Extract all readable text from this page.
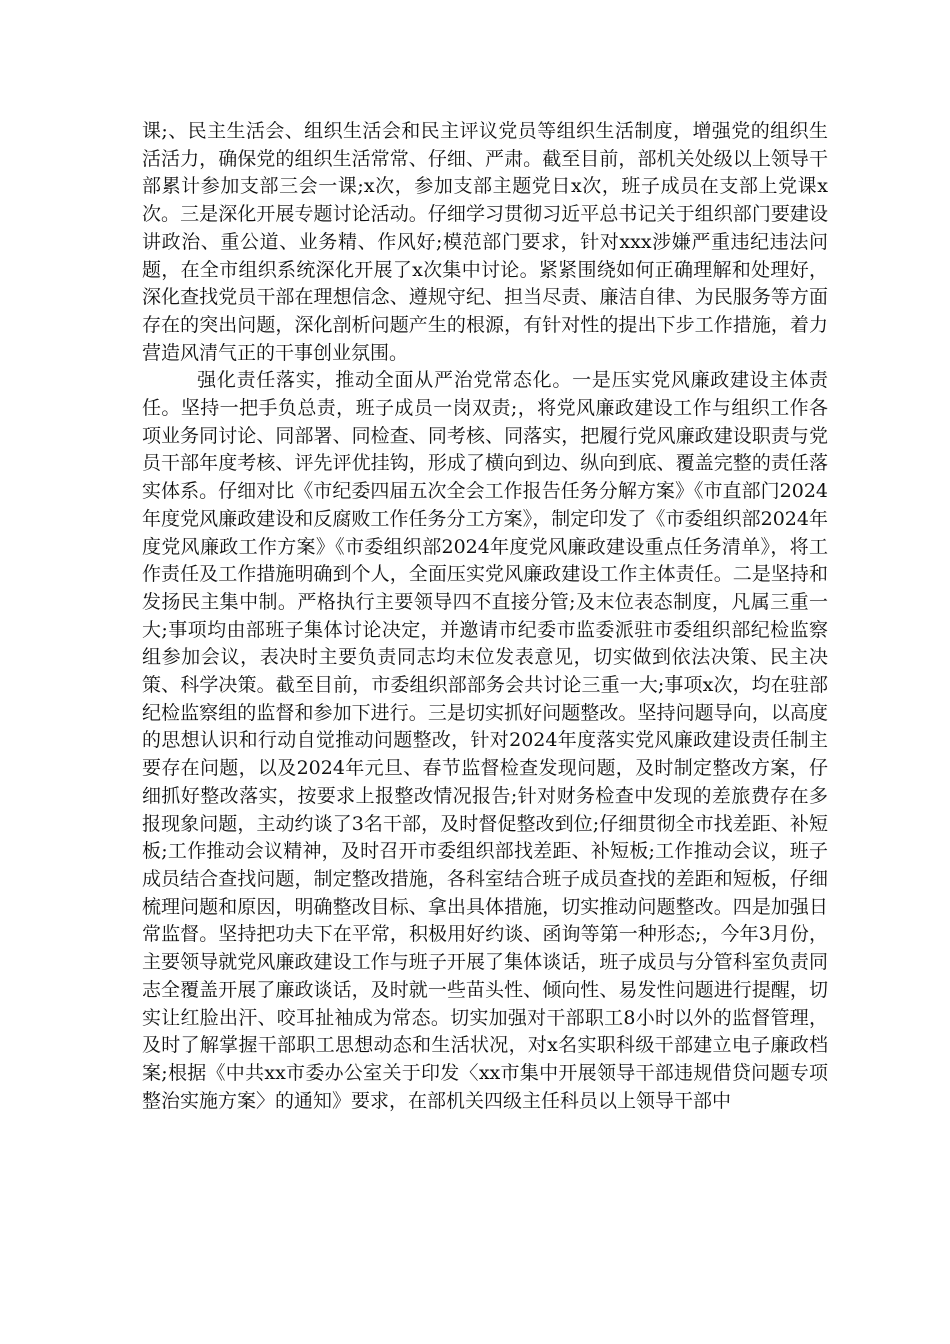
课;、民主生活会、组织生活会和民主评议党员等组织生活制度，增强党的组织生活活力，确保党的组织生活常常、仔细、严肃。截至目前，部机关处级以上领导干部累计参加支部三会一课;x次，参加支部主题党日x次，班子成员在支部上党课x次。三是深化开展专题讨论活动。仔细学习贯彻习近平总书记关于组织部门要建设讲政治、重公道、业务精、作风好;模范部门要求，针对xxx涉嫌严重违纪违法问题，在全市组织系统深化开展了x次集中讨论。紧紧围绕如何正确理解和处理好，深化查找党员干部在理想信念、遵规守纪、担当尽责、廉洁自律、为民服务等方面存在的突出问题，深化剖析问题产生的根源，有针对性的提出下步工作措施，着力营造风清气正的干事创业氛围。

强化责任落实，推动全面从严治党常态化。一是压实党风廉政建设主体责任。坚持一把手负总责，班子成员一岗双责;，将党风廉政建设工作与组织工作各项业务同讨论、同部署、同检查、同考核、同落实，把履行党风廉政建设职责与党员干部年度考核、评先评优挂钩，形成了横向到边、纵向到底、覆盖完整的责任落实体系。仔细对比《市纪委四届五次全会工作报告任务分解方案》《市直部门2024年度党风廉政建设和反腐败工作任务分工方案》，制定印发了《市委组织部2024年度党风廉政工作方案》《市委组织部2024年度党风廉政建设重点任务清单》，将工作责任及工作措施明确到个人，全面压实党风廉政建设工作主体责任。二是坚持和发扬民主集中制。严格执行主要领导四不直接分管;及末位表态制度，凡属三重一大;事项均由部班子集体讨论决定，并邀请市纪委市监委派驻市委组织部纪检监察组参加会议，表决时主要负责同志均末位发表意见，切实做到依法决策、民主决策、科学决策。截至目前，市委组织部部务会共讨论三重一大;事项x次，均在驻部纪检监察组的监督和参加下进行。三是切实抓好问题整改。坚持问题导向，以高度的思想认识和行动自觉推动问题整改，针对2024年度落实党风廉政建设责任制主要存在问题，以及2024年元旦、春节监督检查发现问题，及时制定整改方案，仔细抓好整改落实，按要求上报整改情况报告;针对财务检查中发现的差旅费存在多报现象问题，主动约谈了3名干部，及时督促整改到位;仔细贯彻全市找差距、补短板;工作推动会议精神，及时召开市委组织部找差距、补短板;工作推动会议，班子成员结合查找问题，制定整改措施，各科室结合班子成员查找的差距和短板，仔细梳理问题和原因，明确整改目标、拿出具体措施，切实推动问题整改。四是加强日常监督。坚持把功夫下在平常，积极用好约谈、函询等第一种形态;，今年3月份，主要领导就党风廉政建设工作与班子开展了集体谈话，班子成员与分管科室负责同志全覆盖开展了廉政谈话，及时就一些苗头性、倾向性、易发性问题进行提醒，切实让红脸出汗、咬耳扯袖成为常态。切实加强对干部职工8小时以外的监督管理，及时了解掌握干部职工思想动态和生活状况，对x名实职科级干部建立电子廉政档案;根据《中共xx市委办公室关于印发〈xx市集中开展领导干部违规借贷问题专项整治实施方案〉的通知》要求，在部机关四级主任科员以上领导干部中
